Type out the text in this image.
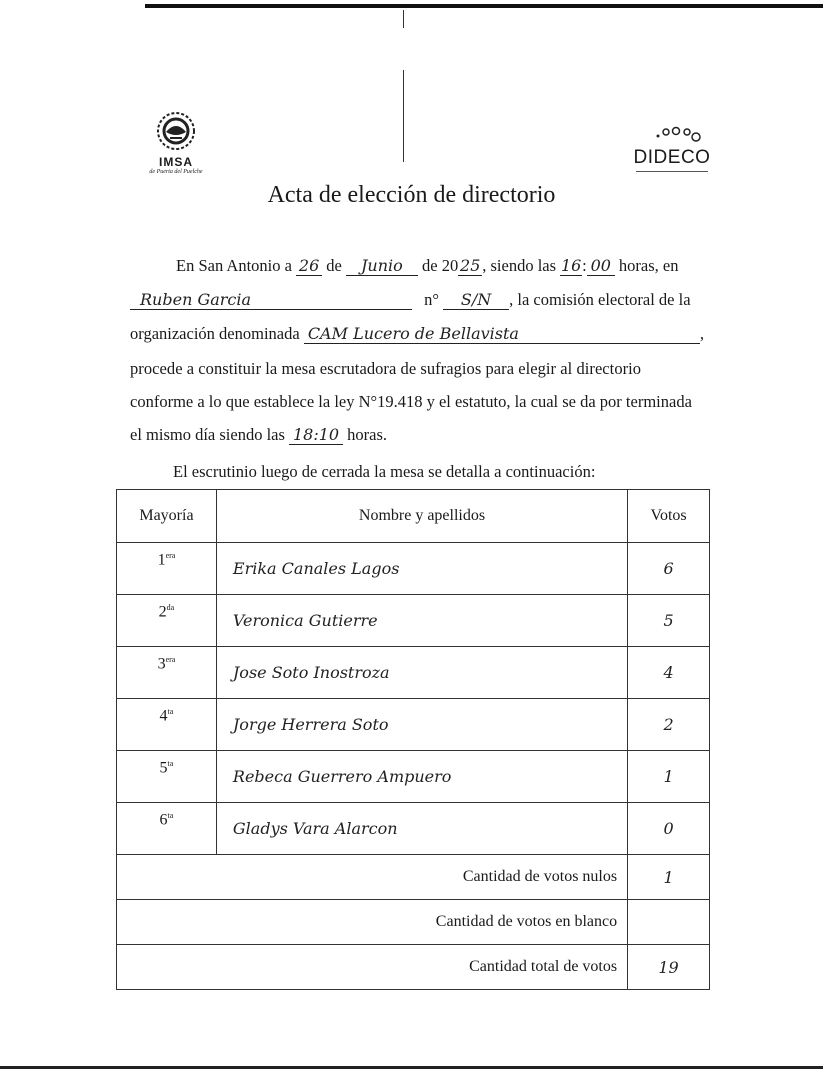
IMSA
de Puerta del Puelche
DIDECO
Acta de elección de directorio
En San Antonio a 26 de Junio de 20 25 , siendo las 16: 00 horas, en
Ruben Garcia	n° S/N , la comisión electoral de la
organización denominada CAM Lucero de Bellavista	,
procede a constituir la mesa escrutadora de sufragios para elegir al directorio
conforme a lo que establece la ley N°19.418 y el estatuto, la cual se da por terminada
el mismo día siendo las 18:10 horas.
El escrutinio luego de cerrada la mesa se detalla a continuación:
Mayoría	Nombre y apellidos	Votos
$1^{era}$	Erika Canales Lagos	6
$2^{da}$	Veronica Gutierre	5
$3^{era}$	Jose Soto Inostroza	4
$4^{ta}$	Jorge Herrera Soto	2
$5^{ta}$	Rebeca Guerrero Ampuero	1
$6^{ta}$	Gladys Vara Alarcon	0
Cantidad de votos nulos		1
Cantidad de votos en blanco		
Cantidad total de votos		19
